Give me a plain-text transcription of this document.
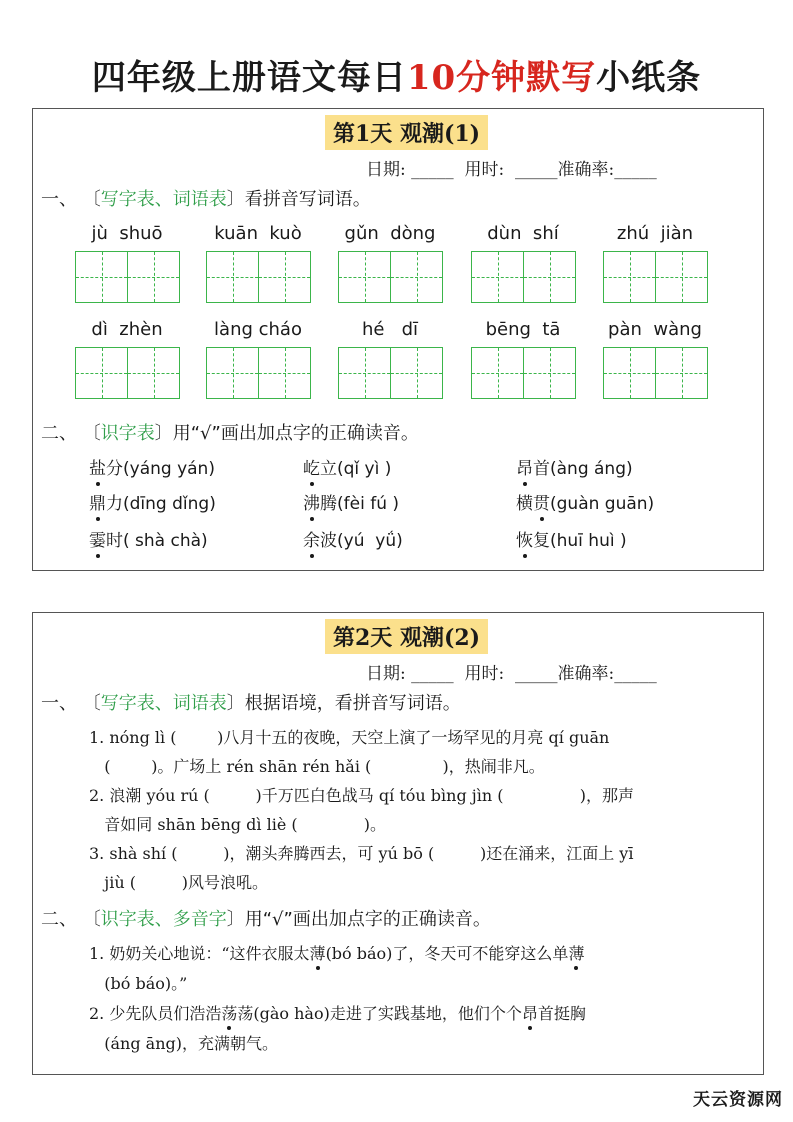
四年级上册语文每日10分钟默写小纸条
第1天 观潮(1)
日期: _____  用时:  _____准确率:_____
一、 〔写字表、词语表〕看拼音写词语。
jù  shuō	kuān  kuò	gǔn  dòng	dùn  shí	zhú  jiàn
dì  zhèn	làng cháo	hé   dī	bēng  tā	pàn  wàng
二、 〔识字表〕用“√”画出加点字的正确读音。
盐分(yáng yán)	屹立(qǐ yì )	昂首(àng áng)
鼎力(dīng dǐng)	沸腾(fèi fú )	横贯(guàn guān)
霎时( shà chà)	余波(yú  yǘ)	恢复(huī huì )
第2天 观潮(2)
日期: _____  用时:  _____准确率:_____
一、 〔写字表、词语表〕根据语境，看拼音写词语。
1. nóng lì (        )八月十五的夜晚，天空上演了一场罕见的月亮 qí guān
(        )。广场上 rén shān rén hǎi (              )，热闹非凡。
2. 浪潮 yóu rú (         )千万匹白色战马 qí tóu bìng jìn (               )，那声
音如同 shān bēng dì liè (             )。
3. shà shí (         )，潮头奔腾西去，可 yú bō (         )还在涌来，江面上 yī
jiù (         )风号浪吼。
二、 〔识字表、多音字〕用“√”画出加点字的正确读音。
1. 奶奶关心地说：“这件衣服太薄(bó báo)了，冬天可不能穿这么单薄
(bó báo)。”
2. 少先队员们浩浩荡荡(gào hào)走进了实践基地，他们个个昂首挺胸
(áng āng)，充满朝气。
天云资源网
